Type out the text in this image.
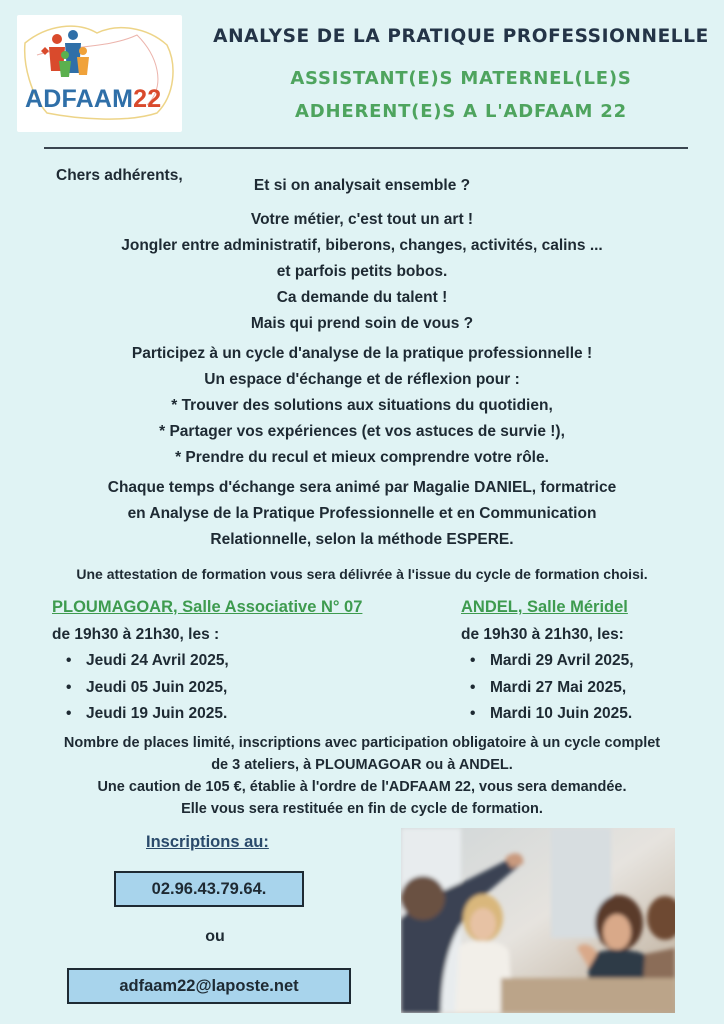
ADFAAM22
ANALYSE DE LA PRATIQUE PROFESSIONNELLE
ASSISTANT(E)S MATERNEL(LE)S
ADHERENT(E)S A L'ADFAAM 22
Chers adhérents,
Et si on analysait ensemble ?
Votre métier, c'est tout un art !
Jongler entre administratif, biberons, changes, activités, calins ...
et parfois petits bobos.
Ca demande du talent !
Mais qui prend soin de vous ?
Participez à un cycle d'analyse de la pratique professionnelle !
Un espace d'échange et de réflexion pour :
* Trouver des solutions aux situations du quotidien,
* Partager vos expériences (et vos astuces de survie !),
* Prendre du recul et mieux comprendre votre rôle.
Chaque temps d'échange sera animé par Magalie DANIEL, formatrice
en Analyse de la Pratique Professionnelle et en Communication
Relationnelle, selon la méthode ESPERE.
Une attestation de formation vous sera délivrée à l'issue du cycle de formation choisi.
PLOUMAGOAR, Salle Associative N° 07
de 19h30 à 21h30, les :
• Jeudi 24 Avril 2025,
• Jeudi 05 Juin 2025,
• Jeudi 19 Juin 2025.
ANDEL, Salle Méridel
de 19h30 à 21h30, les:
• Mardi 29 Avril 2025,
• Mardi 27 Mai 2025,
• Mardi 10 Juin 2025.
Nombre de places limité, inscriptions avec participation obligatoire à un cycle complet
de 3 ateliers, à PLOUMAGOAR ou à ANDEL.
Une caution de 105 €, établie à l'ordre de l'ADFAAM 22, vous sera demandée.
Elle vous sera restituée en fin de cycle de formation.
Inscriptions au:
02.96.43.79.64.
ou
adfaam22@laposte.net
